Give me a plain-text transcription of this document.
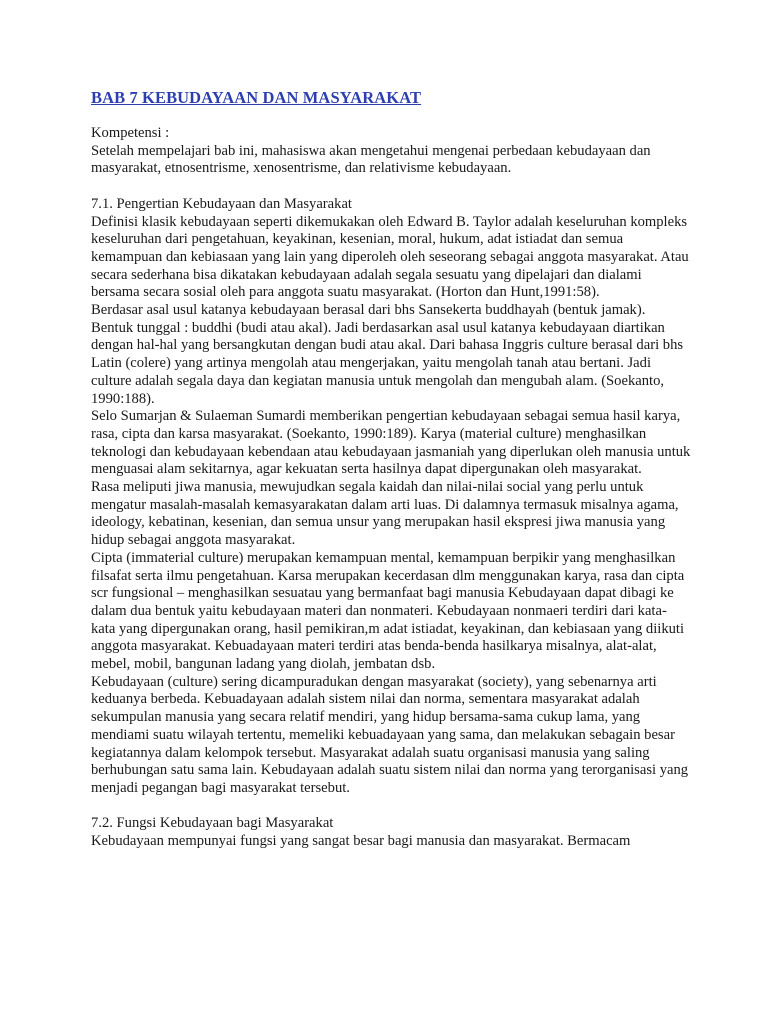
BAB 7 KEBUDAYAAN DAN MASYARAKAT

Kompetensi :

Setelah mempelajari bab ini, mahasiswa akan mengetahui mengenai perbedaan kebudayaan dan masyarakat, etnosentrisme, xenosentrisme, dan relativisme kebudayaan.

7.1. Pengertian Kebudayaan dan Masyarakat

Definisi klasik kebudayaan seperti dikemukakan oleh Edward B. Taylor adalah keseluruhan kompleks keseluruhan dari pengetahuan, keyakinan, kesenian, moral, hukum, adat istiadat dan semua kemampuan dan kebiasaan yang lain yang diperoleh oleh seseorang sebagai anggota masyarakat. Atau secara sederhana bisa dikatakan kebudayaan adalah segala sesuatu yang dipelajari dan dialami bersama secara sosial oleh para anggota suatu masyarakat. (Horton dan Hunt,1991:58).

Berdasar asal usul katanya kebudayaan berasal dari bhs Sansekerta buddhayah (bentuk jamak). Bentuk tunggal : buddhi (budi atau akal). Jadi berdasarkan asal usul katanya kebudayaan diartikan dengan hal-hal yang bersangkutan dengan budi atau akal. Dari bahasa Inggris culture berasal dari bhs Latin (colere) yang artinya mengolah atau mengerjakan, yaitu mengolah tanah atau bertani. Jadi culture adalah segala daya dan kegiatan manusia untuk mengolah dan mengubah alam. (Soekanto, 1990:188).

Selo Sumarjan & Sulaeman Sumardi memberikan pengertian kebudayaan sebagai semua hasil karya, rasa, cipta dan karsa masyarakat. (Soekanto, 1990:189). Karya (material culture) menghasilkan teknologi dan kebudayaan kebendaan atau kebudayaan jasmaniah yang diperlukan oleh manusia untuk menguasai alam sekitarnya, agar kekuatan serta hasilnya dapat dipergunakan oleh masyarakat.

Rasa meliputi jiwa manusia, mewujudkan segala kaidah dan nilai-nilai social yang perlu untuk mengatur masalah-masalah kemasyarakatan dalam arti luas. Di dalamnya termasuk misalnya agama, ideology, kebatinan, kesenian, dan semua unsur yang merupakan hasil ekspresi jiwa manusia yang hidup sebagai anggota masyarakat.

Cipta (immaterial culture) merupakan kemampuan mental, kemampuan berpikir yang menghasilkan filsafat serta ilmu pengetahuan. Karsa merupakan kecerdasan dlm menggunakan karya, rasa dan cipta scr fungsional – menghasilkan sesuatau yang bermanfaat bagi manusia Kebudayaan dapat dibagi ke dalam dua bentuk yaitu kebudayaan materi dan nonmateri. Kebudayaan nonmaeri terdiri dari kata-kata yang dipergunakan orang, hasil pemikiran,m adat istiadat, keyakinan, dan kebiasaan yang diikuti anggota masyarakat. Kebuadayaan materi terdiri atas benda-benda hasilkarya misalnya, alat-alat, mebel, mobil, bangunan ladang yang diolah, jembatan dsb.

Kebudayaan (culture) sering dicampuradukan dengan masyarakat (society), yang sebenarnya arti keduanya berbeda. Kebuadayaan adalah sistem nilai dan norma, sementara masyarakat adalah sekumpulan manusia yang secara relatif mendiri, yang hidup bersama-sama cukup lama, yang mendiami suatu wilayah tertentu, memeliki kebuadayaan yang sama, dan melakukan sebagain besar kegiatannya dalam kelompok tersebut. Masyarakat adalah suatu organisasi manusia yang saling berhubungan satu sama lain. Kebudayaan adalah suatu sistem nilai dan norma yang terorganisasi yang menjadi pegangan bagi masyarakat tersebut.

7.2. Fungsi Kebudayaan bagi Masyarakat

Kebudayaan mempunyai fungsi yang sangat besar bagi manusia dan masyarakat. Bermacam
